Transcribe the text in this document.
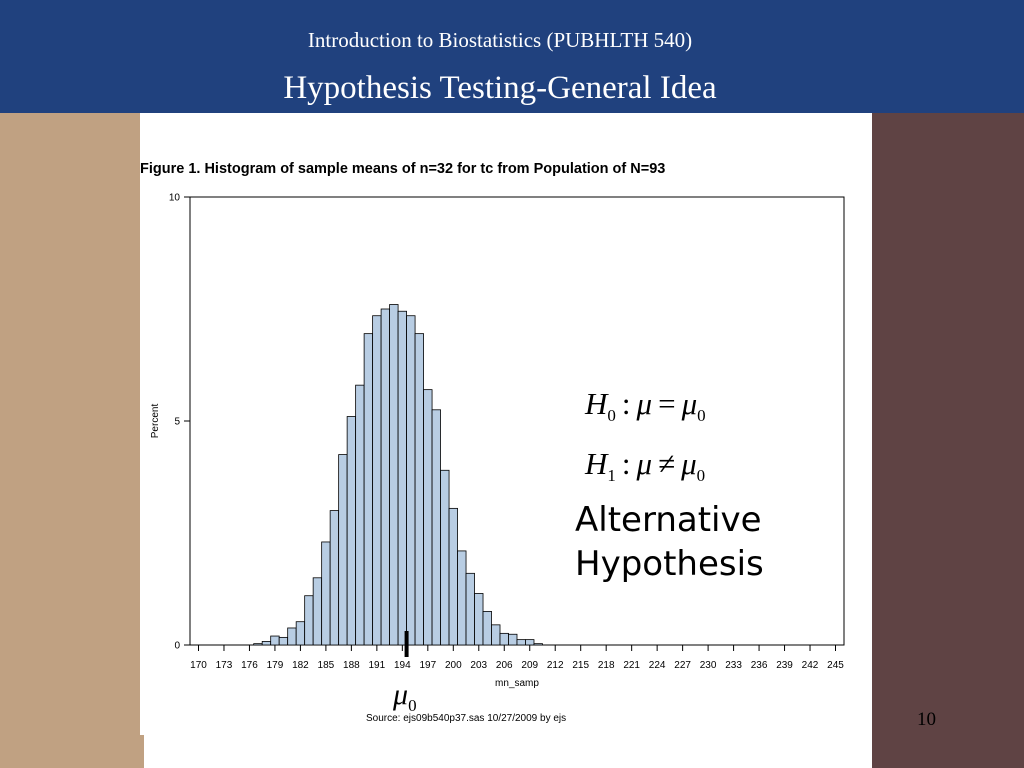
Introduction to Biostatistics (PUBHLTH 540)
Hypothesis Testing-General Idea
Figure 1. Histogram of sample means of n=32 for tc from Population of N=93
0
5
10
170 173 176 179 182 185 188 191 194 197 200 203 206 209 212 215 218 221 224 227 230 233 236 239 242 245
mn_samp
Percent
$\mu_0$
Source: ejs09b540p37.sas 10/27/2009 by ejs	10
$H_0$ : $\mu = \mu_0$
$H_1$ : $\mu \ne \mu_0$
Alternative
Hypothesis
